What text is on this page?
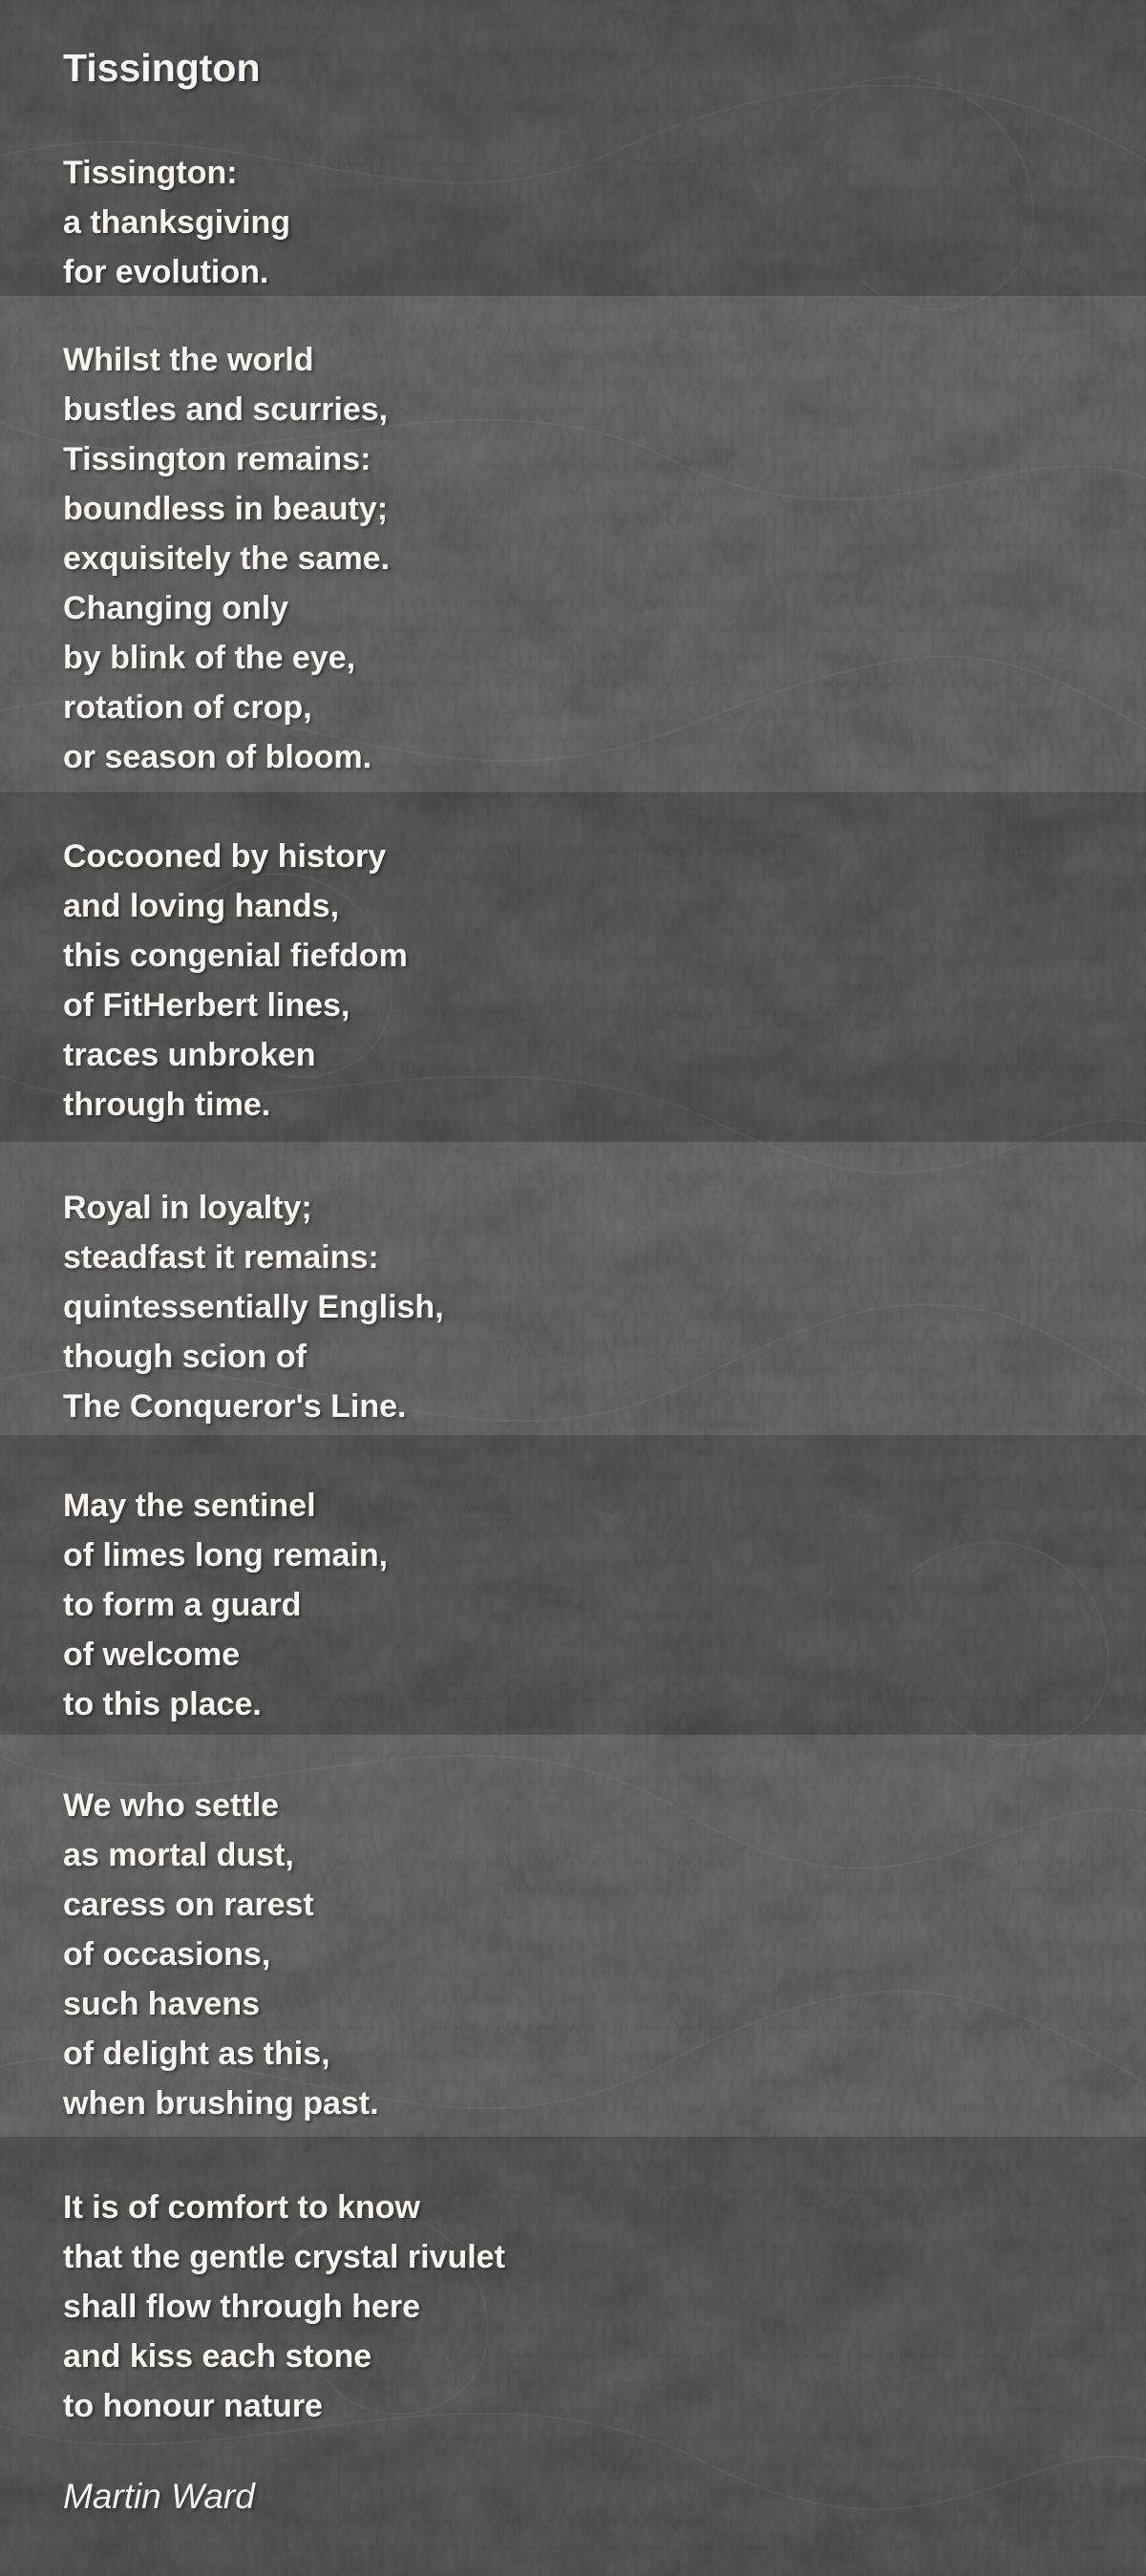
Tissington
Tissington:
a thanksgiving
for evolution.
Whilst the world
bustles and scurries,
Tissington remains:
boundless in beauty;
exquisitely the same.
Changing only
by blink of the eye,
rotation of crop,
or season of bloom.
Cocooned by history
and loving hands,
this congenial fiefdom
of FitHerbert lines,
traces unbroken
through time.
Royal in loyalty;
steadfast it remains:
quintessentially English,
though scion of
The Conqueror's Line.
May the sentinel
of limes long remain,
to form a guard
of welcome
to this place.
We who settle
as mortal dust,
caress on rarest
of occasions,
such havens
of delight as this,
when brushing past.
It is of comfort to know
that the gentle crystal rivulet
shall flow through here
and kiss each stone
to honour nature
Martin Ward
